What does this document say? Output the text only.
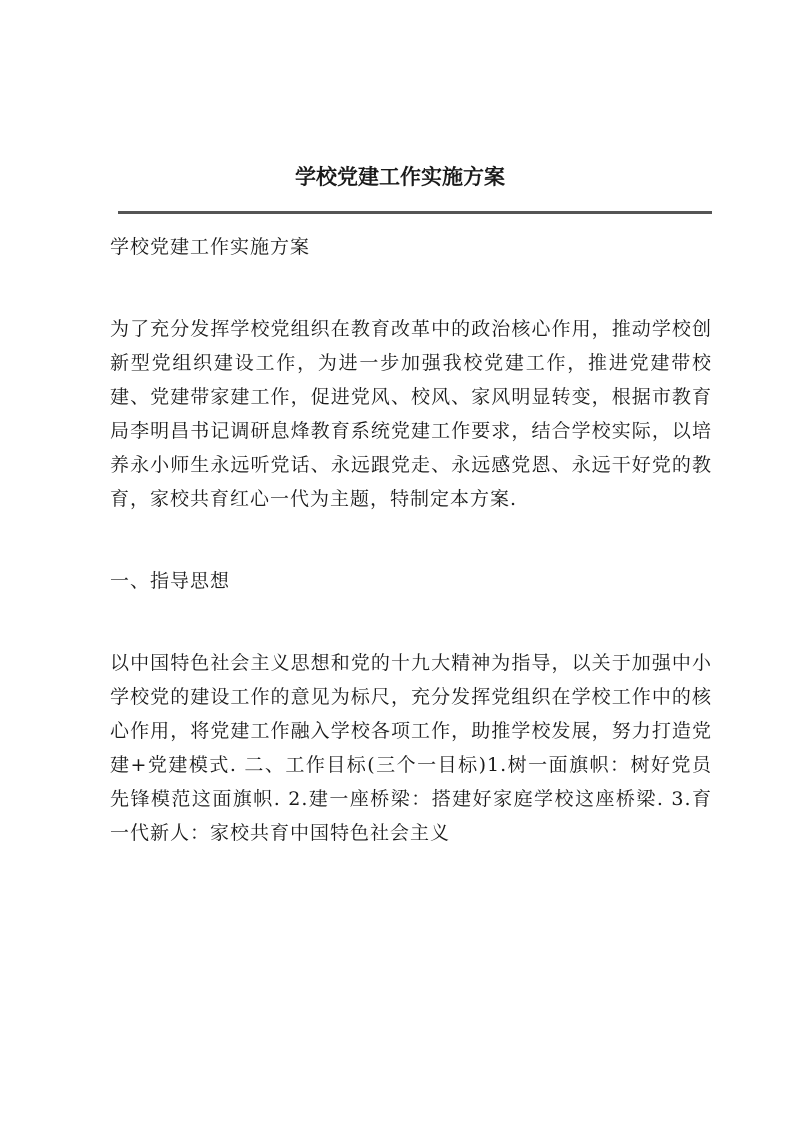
学校党建工作实施方案

学校党建工作实施方案

为了充分发挥学校党组织在教育改革中的政治核心作用，推动学校创新型党组织建设工作，为进一步加强我校党建工作，推进党建带校建、党建带家建工作，促进党风、校风、家风明显转变，根据市教育局李明昌书记调研息烽教育系统党建工作要求，结合学校实际，以培养永小师生永远听党话、永远跟党走、永远感党恩、永远干好党的教育，家校共育红心一代为主题，特制定本方案.

一、指导思想

以中国特色社会主义思想和党的十九大精神为指导，以关于加强中小学校党的建设工作的意见为标尺，充分发挥党组织在学校工作中的核心作用，将党建工作融入学校各项工作，助推学校发展，努力打造党建+党建模式. 二、工作目标(三个一目标)1.树一面旗帜：树好党员先锋模范这面旗帜. 2.建一座桥梁：搭建好家庭学校这座桥梁. 3.育一代新人：家校共育中国特色社会主义
